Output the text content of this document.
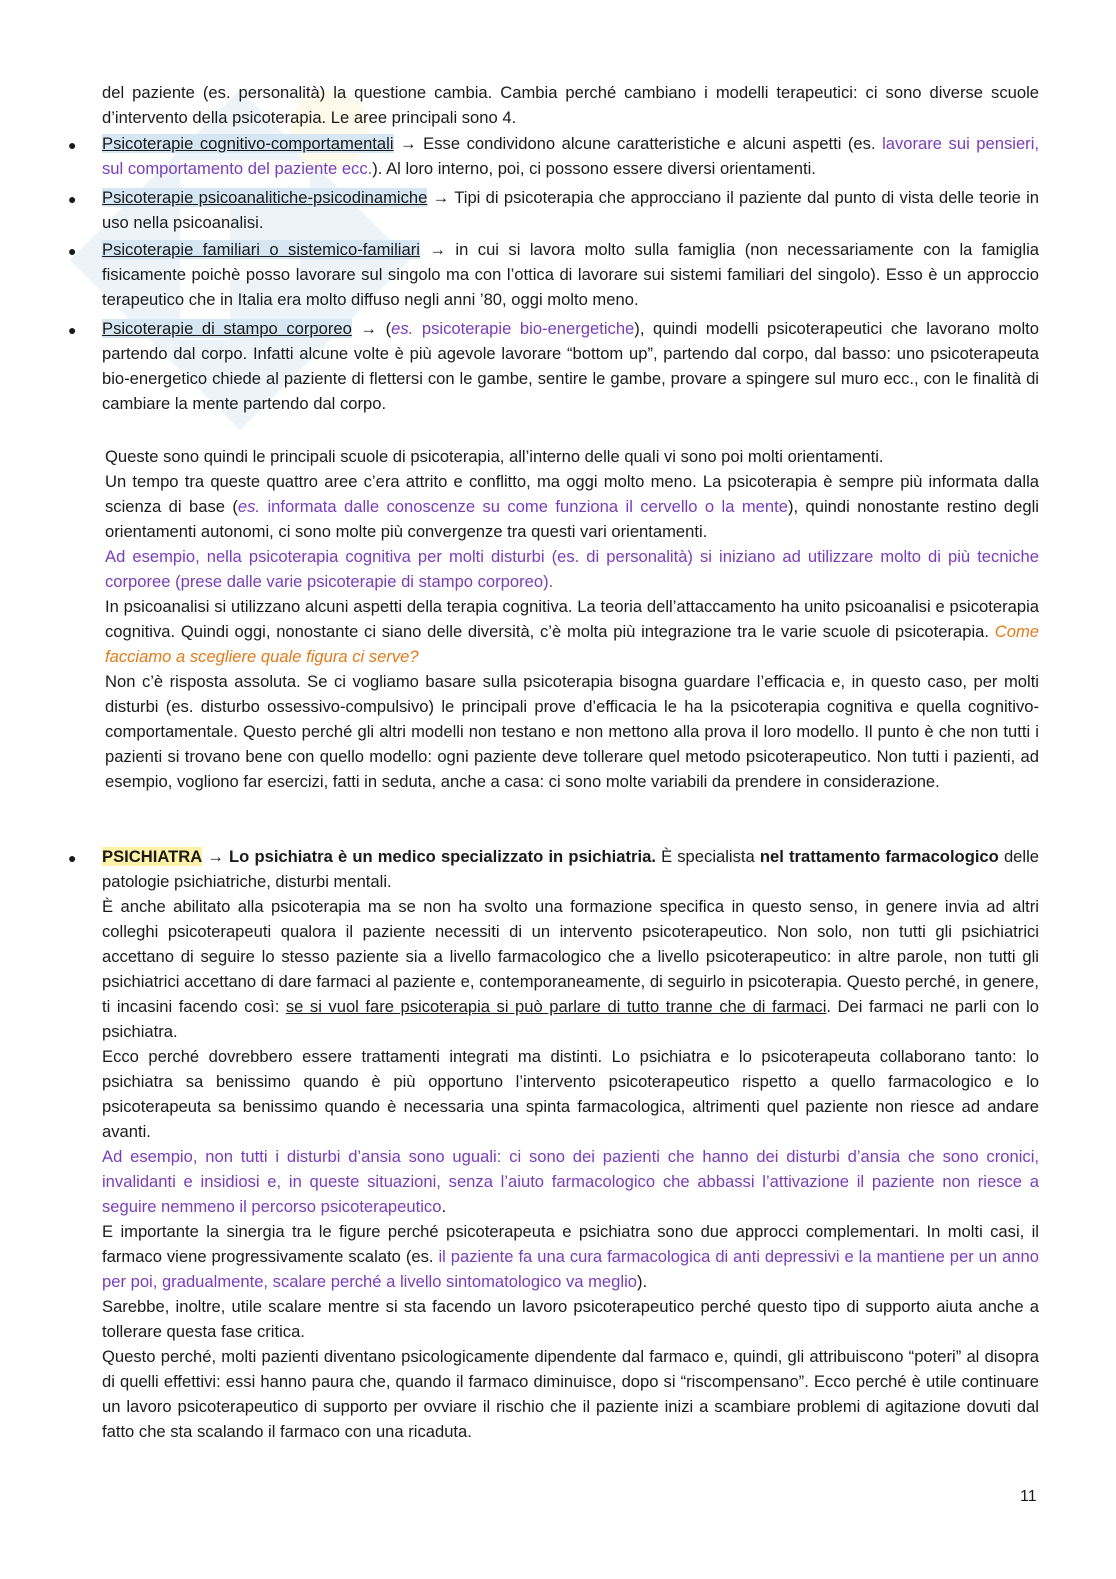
del paziente (es. personalità) la questione cambia. Cambia perché cambiano i modelli terapeutici: ci sono diverse scuole d’intervento della psicoterapia. Le aree principali sono 4.

● Psicoterapie cognitivo-comportamentali → Esse condividono alcune caratteristiche e alcuni aspetti (es. lavorare sui pensieri, sul comportamento del paziente ecc.). Al loro interno, poi, ci possono essere diversi orientamenti.

● Psicoterapie psicoanalitiche-psicodinamiche → Tipi di psicoterapia che approcciano il paziente dal punto di vista delle teorie in uso nella psicoanalisi.

● Psicoterapie familiari o sistemico-familiari → in cui si lavora molto sulla famiglia (non necessariamente con la famiglia fisicamente poichè posso lavorare sul singolo ma con l’ottica di lavorare sui sistemi familiari del singolo). Esso è un approccio terapeutico che in Italia era molto diffuso negli anni ’80, oggi molto meno.

● Psicoterapie di stampo corporeo → (es. psicoterapie bio-energetiche), quindi modelli psicoterapeutici che lavorano molto partendo dal corpo. Infatti alcune volte è più agevole lavorare “bottom up”, partendo dal corpo, dal basso: uno psicoterapeuta bio-energetico chiede al paziente di flettersi con le gambe, sentire le gambe, provare a spingere sul muro ecc., con le finalità di cambiare la mente partendo dal corpo.

Queste sono quindi le principali scuole di psicoterapia, all’interno delle quali vi sono poi molti orientamenti.
Un tempo tra queste quattro aree c’era attrito e conflitto, ma oggi molto meno. La psicoterapia è sempre più informata dalla scienza di base (es. informata dalle conoscenze su come funziona il cervello o la mente), quindi nonostante restino degli orientamenti autonomi, ci sono molte più convergenze tra questi vari orientamenti.
Ad esempio, nella psicoterapia cognitiva per molti disturbi (es. di personalità) si iniziano ad utilizzare molto di più tecniche corporee (prese dalle varie psicoterapie di stampo corporeo).
In psicoanalisi si utilizzano alcuni aspetti della terapia cognitiva. La teoria dell’attaccamento ha unito psicoanalisi e psicoterapia cognitiva. Quindi oggi, nonostante ci siano delle diversità, c’è molta più integrazione tra le varie scuole di psicoterapia. Come facciamo a scegliere quale figura ci serve?
Non c’è risposta assoluta. Se ci vogliamo basare sulla psicoterapia bisogna guardare l’efficacia e, in questo caso, per molti disturbi (es. disturbo ossessivo-compulsivo) le principali prove d’efficacia le ha la psicoterapia cognitiva e quella cognitivo-comportamentale. Questo perché gli altri modelli non testano e non mettono alla prova il loro modello. Il punto è che non tutti i pazienti si trovano bene con quello modello: ogni paziente deve tollerare quel metodo psicoterapeutico. Non tutti i pazienti, ad esempio, vogliono far esercizi, fatti in seduta, anche a casa: ci sono molte variabili da prendere in considerazione.
● PSICHIATRA → Lo psichiatra è un medico specializzato in psichiatria. È specialista nel trattamento farmacologico delle patologie psichiatriche, disturbi mentali.
È anche abilitato alla psicoterapia ma se non ha svolto una formazione specifica in questo senso, in genere invia ad altri colleghi psicoterapeuti qualora il paziente necessiti di un intervento psicoterapeutico. Non solo, non tutti gli psichiatrici accettano di seguire lo stesso paziente sia a livello farmacologico che a livello psicoterapeutico: in altre parole, non tutti gli psichiatrici accettano di dare farmaci al paziente e, contemporaneamente, di seguirlo in psicoterapia. Questo perché, in genere, ti incasini facendo così: se si vuol fare psicoterapia si può parlare di tutto tranne che di farmaci. Dei farmaci ne parli con lo psichiatra.
Ecco perché dovrebbero essere trattamenti integrati ma distinti. Lo psichiatra e lo psicoterapeuta collaborano tanto: lo psichiatra sa benissimo quando è più opportuno l’intervento psicoterapeutico rispetto a quello farmacologico e lo psicoterapeuta sa benissimo quando è necessaria una spinta farmacologica, altrimenti quel paziente non riesce ad andare avanti.
Ad esempio, non tutti i disturbi d’ansia sono uguali: ci sono dei pazienti che hanno dei disturbi d’ansia che sono cronici, invalidanti e insidiosi e, in queste situazioni, senza l’aiuto farmacologico che abbassi l’attivazione il paziente non riesce a seguire nemmeno il percorso psicoterapeutico.
E importante la sinergia tra le figure perché psicoterapeuta e psichiatra sono due approcci complementari. In molti casi, il farmaco viene progressivamente scalato (es. il paziente fa una cura farmacologica di anti depressivi e la mantiene per un anno per poi, gradualmente, scalare perché a livello sintomatologico va meglio).
Sarebbe, inoltre, utile scalare mentre si sta facendo un lavoro psicoterapeutico perché questo tipo di supporto aiuta anche a tollerare questa fase critica.
Questo perché, molti pazienti diventano psicologicamente dipendente dal farmaco e, quindi, gli attribuiscono “poteri” al disopra di quelli effettivi: essi hanno paura che, quando il farmaco diminuisce, dopo si “riscompensano”. Ecco perché è utile continuare un lavoro psicoterapeutico di supporto per ovviare il rischio che il paziente inizi a scambiare problemi di agitazione dovuti dal fatto che sta scalando il farmaco con una ricaduta.
11
